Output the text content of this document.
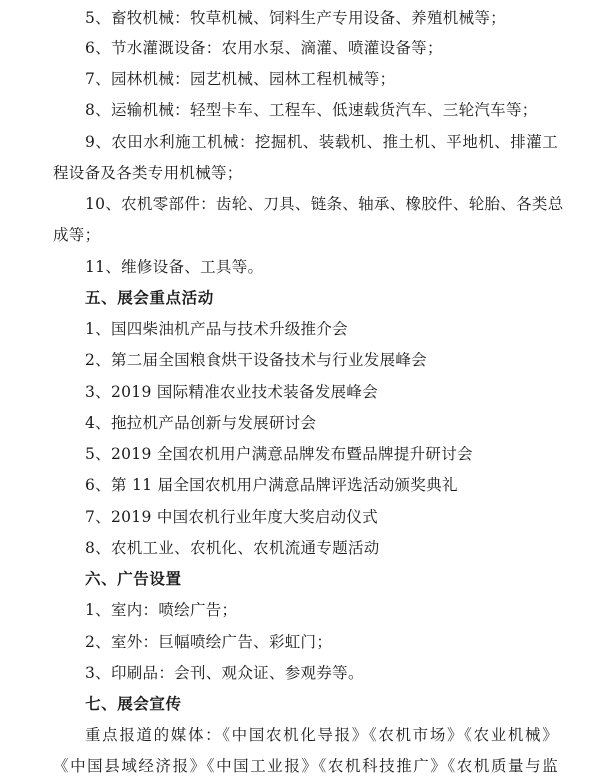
5、畜牧机械：牧草机械、饲料生产专用设备、养殖机械等；
6、节水灌溉设备：农用水泵、滴灌、喷灌设备等；
7、园林机械：园艺机械、园林工程机械等；
8、运输机械：轻型卡车、工程车、低速载货汽车、三轮汽车等；
9、农田水利施工机械：挖掘机、装载机、推土机、平地机、排灌工
程设备及各类专用机械等；
10、农机零部件：齿轮、刀具、链条、轴承、橡胶件、轮胎、各类总
成等；
11、维修设备、工具等。
五、展会重点活动
1、国四柴油机产品与技术升级推介会
2、第二届全国粮食烘干设备技术与行业发展峰会
3、2019 国际精准农业技术装备发展峰会
4、拖拉机产品创新与发展研讨会
5、2019 全国农机用户满意品牌发布暨品牌提升研讨会
6、第 11 届全国农机用户满意品牌评选活动颁奖典礼
7、2019 中国农机行业年度大奖启动仪式
8、农机工业、农机化、农机流通专题活动
六、广告设置
1、室内：喷绘广告；
2、室外：巨幅喷绘广告、彩虹门；
3、印刷品：会刊、观众证、参观券等。
七、展会宣传
重点报道的媒体：《中国农机化导报》《农机市场》《农业机械》
《中国县域经济报》《中国工业报》《农机科技推广》《农机质量与监
